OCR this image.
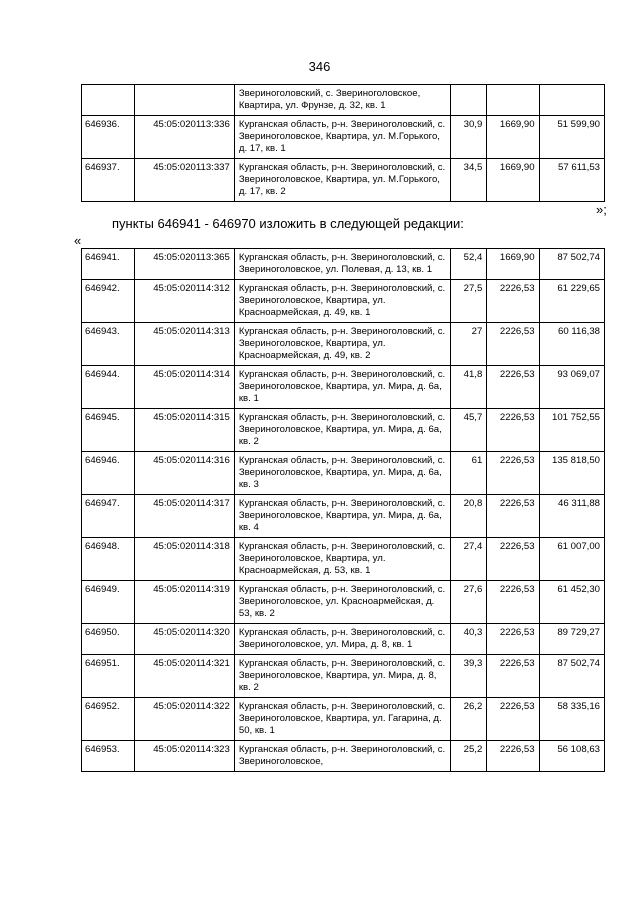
346
		Звериноголовский, с. Звериноголовское, Квартира, ул. Фрунзе, д. 32, кв. 1			
646936.	45:05:020113:336	Курганская область, р-н. Звериноголовский, с. Звериноголовское, Квартира, ул. М.Горького, д. 17, кв. 1	30,9	1669,90	51 599,90
646937.	45:05:020113:337	Курганская область, р-н. Звериноголовский, с. Звериноголовское, Квартира, ул. М.Горького, д. 17, кв. 2	34,5	1669,90	57 611,53
»;
пункты 646941 - 646970 изложить в следующей редакции:
«
646941.	45:05:020113:365	Курганская область, р-н. Звериноголовский, с. Звериноголовское, ул. Полевая, д. 13, кв. 1	52,4	1669,90	87 502,74
646942.	45:05:020114:312	Курганская область, р-н. Звериноголовский, с. Звериноголовское, Квартира, ул. Красноармейская, д. 49, кв. 1	27,5	2226,53	61 229,65
646943.	45:05:020114:313	Курганская область, р-н. Звериноголовский, с. Звериноголовское, Квартира, ул. Красноармейская, д. 49, кв. 2	27	2226,53	60 116,38
646944.	45:05:020114:314	Курганская область, р-н. Звериноголовский, с. Звериноголовское, Квартира, ул. Мира, д. 6а, кв. 1	41,8	2226,53	93 069,07
646945.	45:05:020114:315	Курганская область, р-н. Звериноголовский, с. Звериноголовское, Квартира, ул. Мира, д. 6а, кв. 2	45,7	2226,53	101 752,55
646946.	45:05:020114:316	Курганская область, р-н. Звериноголовский, с. Звериноголовское, Квартира, ул. Мира, д. 6а, кв. 3	61	2226,53	135 818,50
646947.	45:05:020114:317	Курганская область, р-н. Звериноголовский, с. Звериноголовское, Квартира, ул. Мира, д. 6а, кв. 4	20,8	2226,53	46 311,88
646948.	45:05:020114:318	Курганская область, р-н. Звериноголовский, с. Звериноголовское, Квартира, ул. Красноармейская, д. 53, кв. 1	27,4	2226,53	61 007,00
646949.	45:05:020114:319	Курганская область, р-н. Звериноголовский, с. Звериноголовское, ул. Красноармейская, д. 53, кв. 2	27,6	2226,53	61 452,30
646950.	45:05:020114:320	Курганская область, р-н. Звериноголовский, с. Звериноголовское, ул. Мира, д. 8, кв. 1	40,3	2226,53	89 729,27
646951.	45:05:020114:321	Курганская область, р-н. Звериноголовский, с. Звериноголовское, Квартира, ул. Мира, д. 8, кв. 2	39,3	2226,53	87 502,74
646952.	45:05:020114:322	Курганская область, р-н. Звериноголовский, с. Звериноголовское, Квартира, ул. Гагарина, д. 50, кв. 1	26,2	2226,53	58 335,16
646953.	45:05:020114:323	Курганская область, р-н. Звериноголовский, с. Звериноголовское,	25,2	2226,53	56 108,63
